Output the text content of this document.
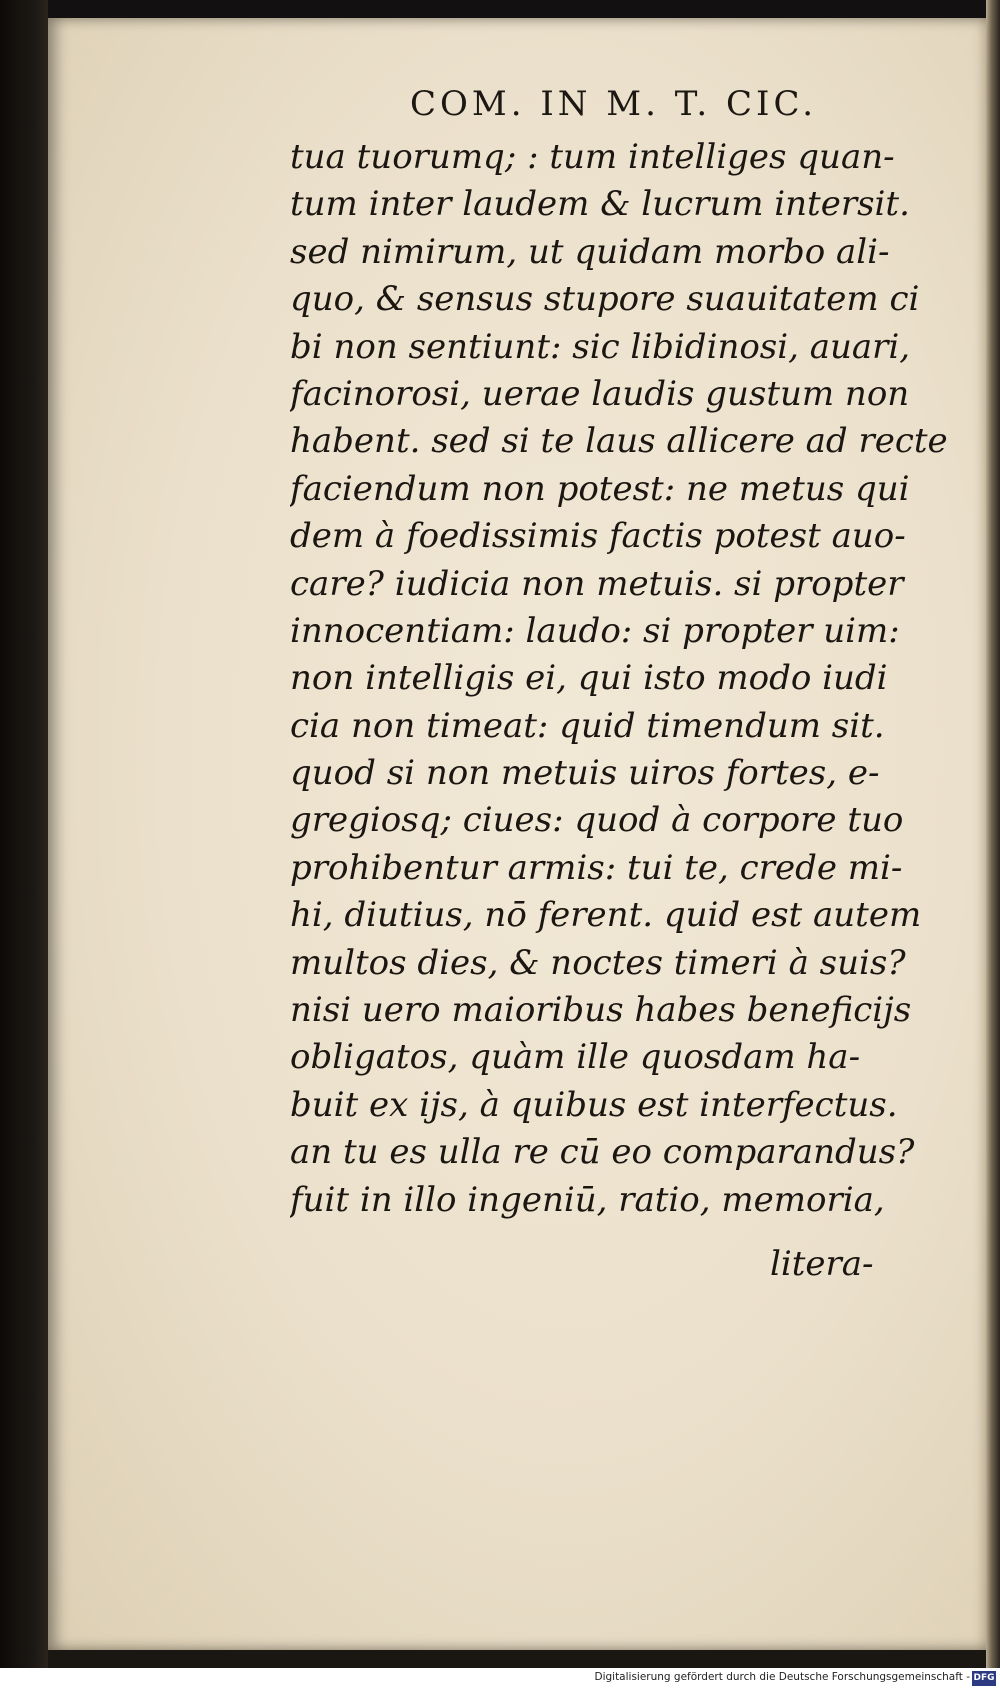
COM. IN M. T. CIC.
tua tuorumq; : tum intelliges quan-
tum inter laudem & lucrum intersit.
sed nimirum, ut quidam morbo ali-
quo, & sensus stupore suauitatem ci
bi non sentiunt: sic libidinosi, auari,
facinorosi, uerae laudis gustum non
habent. sed si te laus allicere ad recte
faciendum non potest: ne metus qui
dem à foedissimis factis potest auo-
care? iudicia non metuis. si propter
innocentiam: laudo: si propter uim:
non intelligis ei, qui isto modo iudi
cia non timeat: quid timendum sit.
quod si non metuis uiros fortes, e-
gregiosq; ciues: quod à corpore tuo
prohibentur armis: tui te, crede mi-
hi, diutius, nō ferent. quid est autem
multos dies, & noctes timeri à suis?
nisi uero maioribus habes beneficijs
obligatos, quàm ille quosdam ha-
buit ex ijs, à quibus est interfectus.
an tu es ulla re cū eo comparandus?
fuit in illo ingeniū, ratio, memoria,
litera-
Digitalisierung gefördert durch die Deutsche Forschungsgemeinschaft - DFG
